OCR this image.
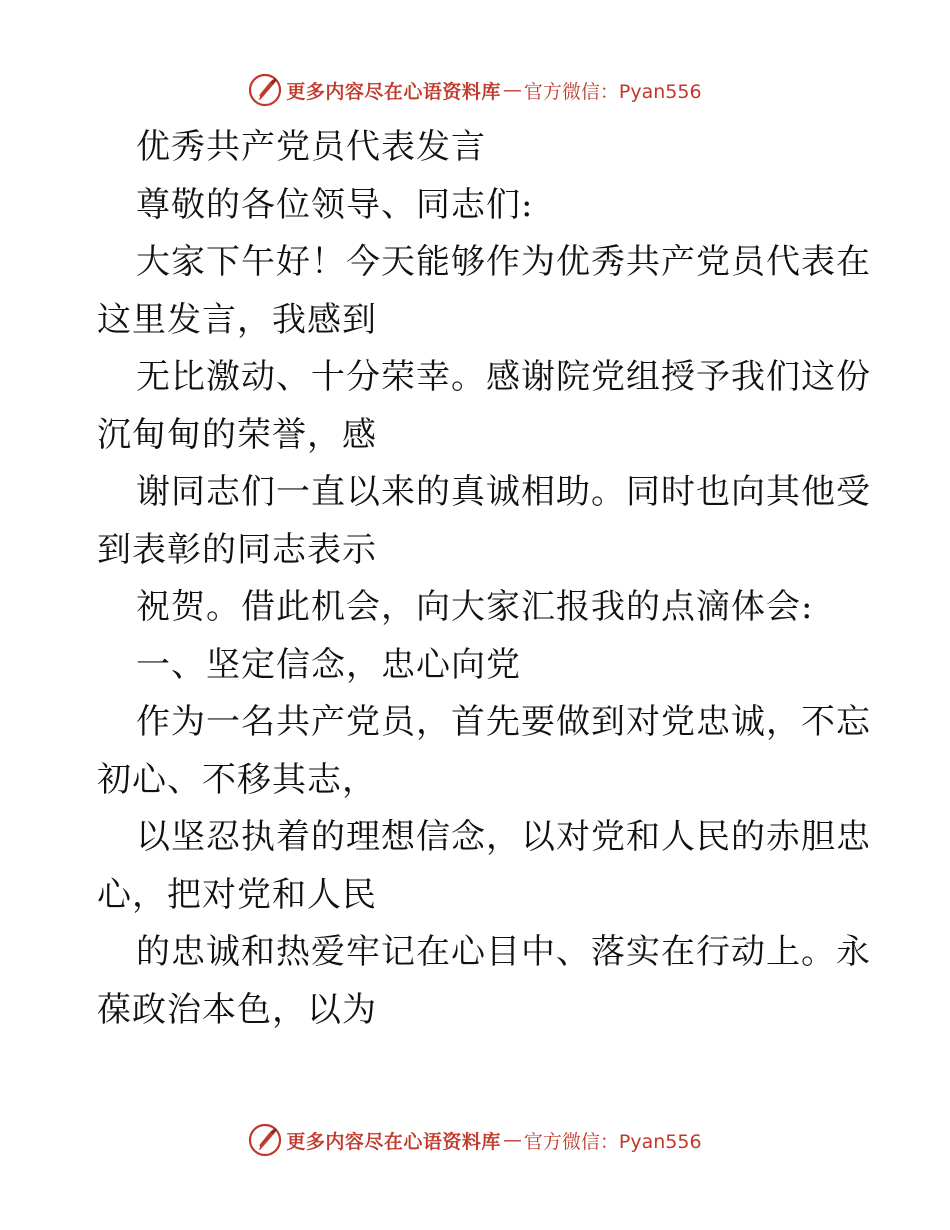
更多内容尽在心语资料库 — 官方微信：Pyan556
优秀共产党员代表发言
尊敬的各位领导、同志们:
大家下午好！今天能够作为优秀共产党员代表在
这里发言，我感到
无比激动、十分荣幸。感谢院党组授予我们这份
沉甸甸的荣誉，感
谢同志们一直以来的真诚相助。同时也向其他受
到表彰的同志表示
祝贺。借此机会，向大家汇报我的点滴体会:
一、坚定信念，忠心向党
作为一名共产党员，首先要做到对党忠诚，不忘
初心、不移其志，
以坚忍执着的理想信念，以对党和人民的赤胆忠
心，把对党和人民
的忠诚和热爱牢记在心目中、落实在行动上。永
葆政治本色，以为
更多内容尽在心语资料库 — 官方微信：Pyan556
